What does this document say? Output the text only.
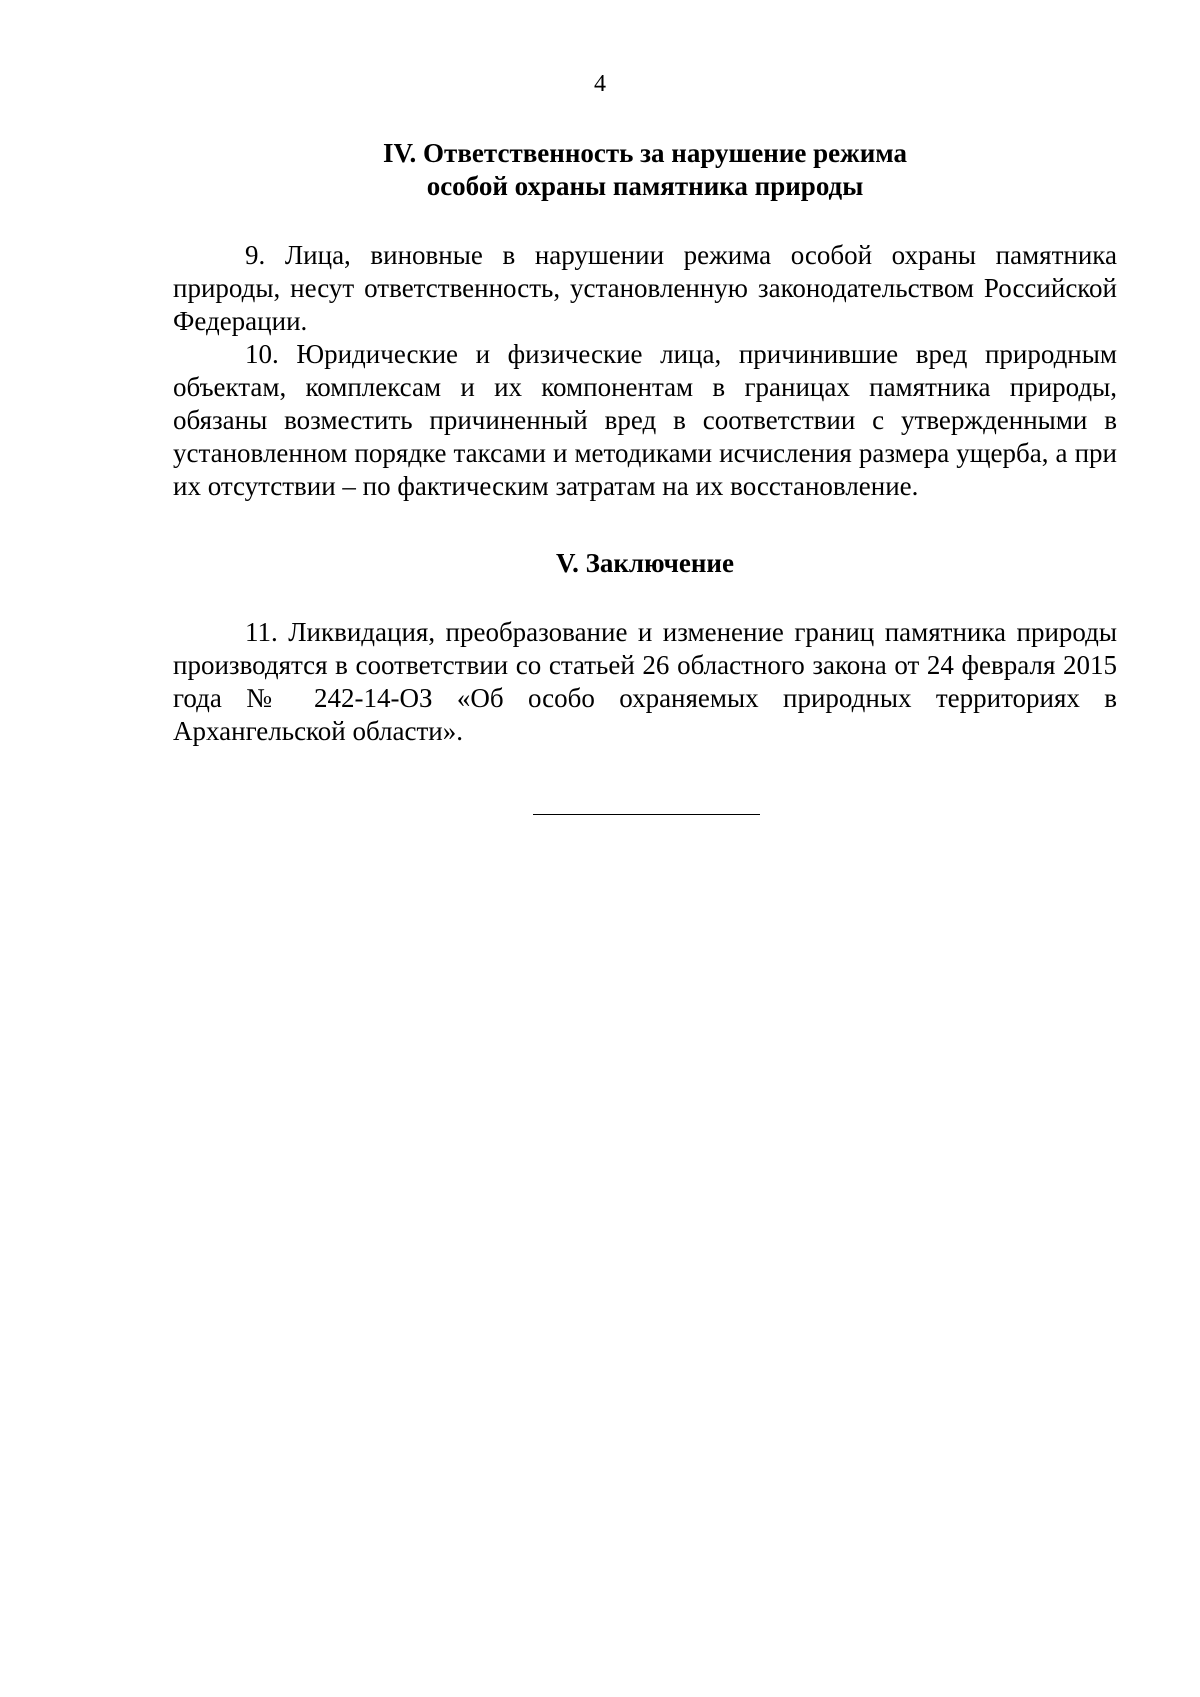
4
IV. Ответственность за нарушение режима
особой охраны памятника природы

9. Лица, виновные в нарушении режима особой охраны памятника природы, несут ответственность, установленную законодательством Российской Федерации.

10. Юридические и физические лица, причинившие вред природным объектам, комплексам и их компонентам в границах памятника природы, обязаны возместить причиненный вред в соответствии с утвержденными в установленном порядке таксами и методиками исчисления размера ущерба, а при их отсутствии – по фактическим затратам на их восстановление.

V. Заключение

11. Ликвидация, преобразование и изменение границ памятника природы производятся в соответствии со статьей 26 областного закона от 24 февраля 2015 года № 242-14-ОЗ «Об особо охраняемых природных территориях в Архангельской области».
